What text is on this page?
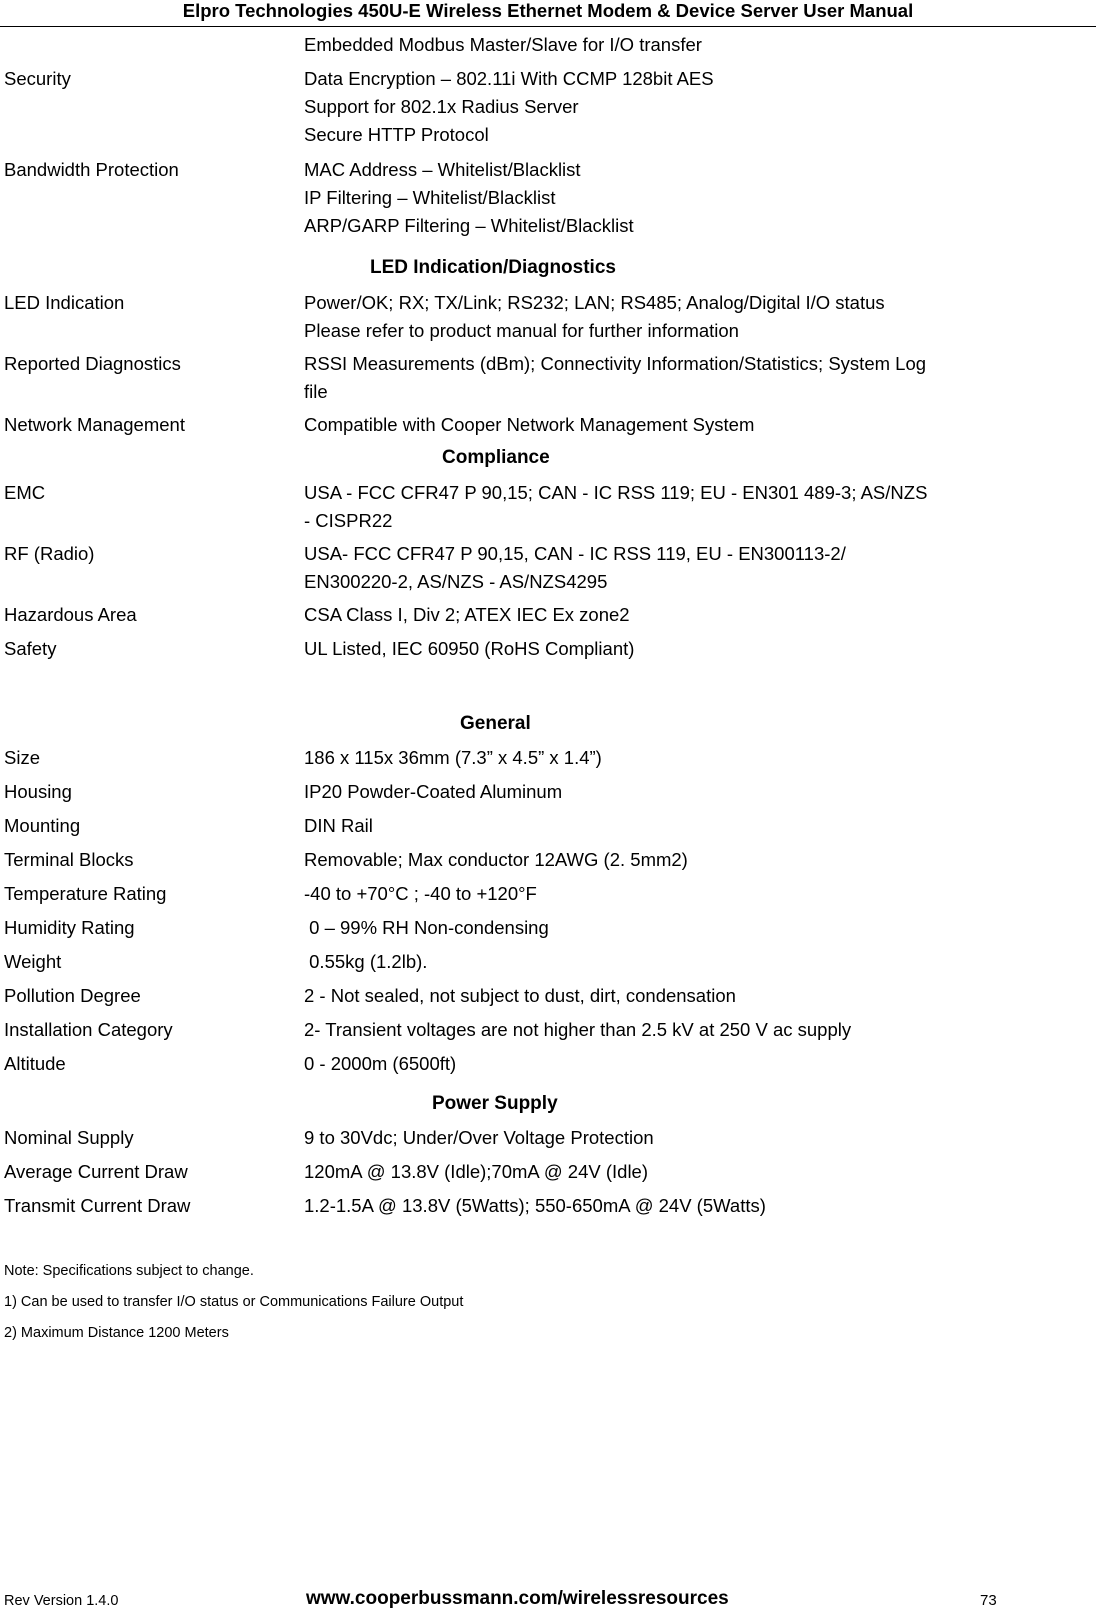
Elpro Technologies 450U-E Wireless Ethernet Modem & Device Server User Manual
Embedded Modbus Master/Slave for I/O transfer
Security	Data Encryption – 802.11i With CCMP 128bit AES
Support for 802.1x Radius Server
Secure HTTP Protocol
Bandwidth Protection	MAC Address – Whitelist/Blacklist
IP Filtering – Whitelist/Blacklist
ARP/GARP Filtering – Whitelist/Blacklist
LED Indication/Diagnostics
LED Indication	Power/OK; RX; TX/Link; RS232; LAN; RS485; Analog/Digital I/O status
Please refer to product manual for further information
Reported Diagnostics	RSSI Measurements (dBm); Connectivity Information/Statistics; System Log
file
Network Management	Compatible with Cooper Network Management System
Compliance
EMC	USA - FCC CFR47 P 90,15; CAN - IC RSS 119; EU - EN301 489-3; AS/NZS
- CISPR22
RF (Radio)	USA- FCC CFR47 P 90,15, CAN - IC RSS 119, EU - EN300113-2/
EN300220-2, AS/NZS - AS/NZS4295
Hazardous Area	CSA Class I, Div 2; ATEX IEC Ex zone2
Safety	UL Listed, IEC 60950 (RoHS Compliant)
General
Size	186 x 115x 36mm (7.3” x 4.5” x 1.4”)
Housing	IP20 Powder-Coated Aluminum
Mounting	DIN Rail
Terminal Blocks	Removable; Max conductor 12AWG (2. 5mm2)
Temperature Rating	-40 to +70°C ; -40 to +120°F
Humidity Rating	0 – 99% RH Non-condensing
Weight	0.55kg (1.2lb).
Pollution Degree	2 - Not sealed, not subject to dust, dirt, condensation
Installation Category	2- Transient voltages are not higher than 2.5 kV at 250 V ac supply
Altitude	0 - 2000m (6500ft)
Power Supply
Nominal Supply	9 to 30Vdc; Under/Over Voltage Protection
Average Current Draw	120mA @ 13.8V (Idle);70mA @ 24V (Idle)
Transmit Current Draw	1.2-1.5A @ 13.8V (5Watts); 550-650mA @ 24V (5Watts)
Note: Specifications subject to change.
1) Can be used to transfer I/O status or Communications Failure Output
2) Maximum Distance 1200 Meters
Rev Version 1.4.0	www.cooperbussmann.com/wirelessresources	73
